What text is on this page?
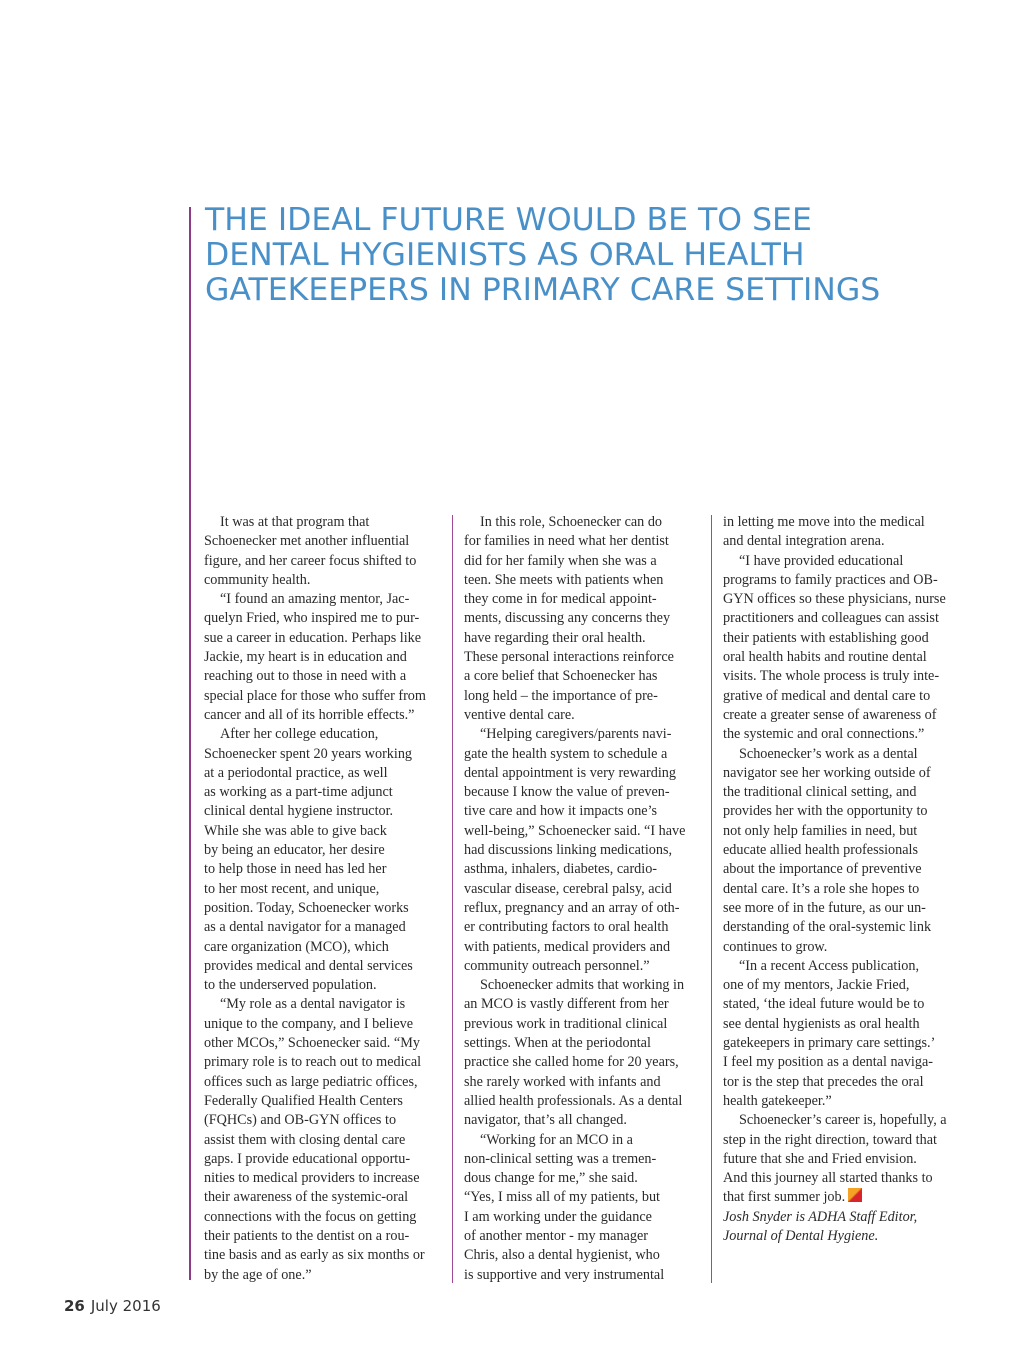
THE IDEAL FUTURE WOULD BE TO SEE
DENTAL HYGIENISTS AS ORAL HEALTH
GATEKEEPERS IN PRIMARY CARE SETTINGS

It was at that program that
Schoenecker met another influential
figure, and her career focus shifted to
community health.

“I found an amazing mentor, Jac-
quelyn Fried, who inspired me to pur-
sue a career in education. Perhaps like
Jackie, my heart is in education and
reaching out to those in need with a
special place for those who suffer from
cancer and all of its horrible effects.”

After her college education,
Schoenecker spent 20 years working
at a periodontal practice, as well
as working as a part-time adjunct
clinical dental hygiene instructor.
While she was able to give back
by being an educator, her desire
to help those in need has led her
to her most recent, and unique,
position. Today, Schoenecker works
as a dental navigator for a managed
care organization (MCO), which
provides medical and dental services
to the underserved population.

“My role as a dental navigator is
unique to the company, and I believe
other MCOs,” Schoenecker said. “My
primary role is to reach out to medical
offices such as large pediatric offices,
Federally Qualified Health Centers
(FQHCs) and OB-GYN offices to
assist them with closing dental care
gaps. I provide educational opportu-
nities to medical providers to increase
their awareness of the systemic-oral
connections with the focus on getting
their patients to the dentist on a rou-
tine basis and as early as six months or
by the age of one.”

In this role, Schoenecker can do
for families in need what her dentist
did for her family when she was a
teen. She meets with patients when
they come in for medical appoint-
ments, discussing any concerns they
have regarding their oral health.
These personal interactions reinforce
a core belief that Schoenecker has
long held – the importance of pre-
ventive dental care.

“Helping caregivers/parents navi-
gate the health system to schedule a
dental appointment is very rewarding
because I know the value of preven-
tive care and how it impacts one’s
well-being,” Schoenecker said. “I have
had discussions linking medications,
asthma, inhalers, diabetes, cardio-
vascular disease, cerebral palsy, acid
reflux, pregnancy and an array of oth-
er contributing factors to oral health
with patients, medical providers and
community outreach personnel.”

Schoenecker admits that working in
an MCO is vastly different from her
previous work in traditional clinical
settings. When at the periodontal
practice she called home for 20 years,
she rarely worked with infants and
allied health professionals. As a dental
navigator, that’s all changed.

“Working for an MCO in a
non-clinical setting was a tremen-
dous change for me,” she said.
“Yes, I miss all of my patients, but
I am working under the guidance
of another mentor - my manager
Chris, also a dental hygienist, who
is supportive and very instrumental

in letting me move into the medical
and dental integration arena.

“I have provided educational
programs to family practices and OB-
GYN offices so these physicians, nurse
practitioners and colleagues can assist
their patients with establishing good
oral health habits and routine dental
visits. The whole process is truly inte-
grative of medical and dental care to
create a greater sense of awareness of
the systemic and oral connections.”

Schoenecker’s work as a dental
navigator see her working outside of
the traditional clinical setting, and
provides her with the opportunity to
not only help families in need, but
educate allied health professionals
about the importance of preventive
dental care. It’s a role she hopes to
see more of in the future, as our un-
derstanding of the oral-systemic link
continues to grow.

“In a recent Access publication,
one of my mentors, Jackie Fried,
stated, ‘the ideal future would be to
see dental hygienists as oral health
gatekeepers in primary care settings.’
I feel my position as a dental naviga-
tor is the step that precedes the oral
health gatekeeper.”

Schoenecker’s career is, hopefully, a
step in the right direction, toward that
future that she and Fried envision.
And this journey all started thanks to
that first summer job.

Josh Snyder is ADHA Staff Editor,
Journal of Dental Hygiene.

26 July 2016
